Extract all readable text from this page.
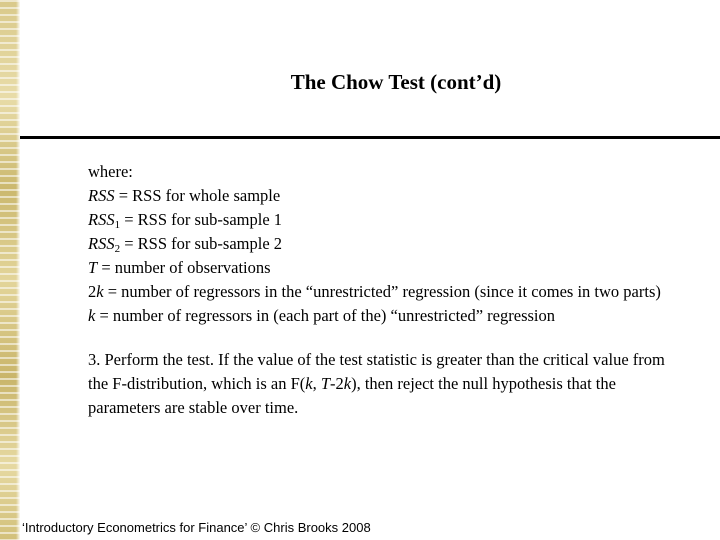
The Chow Test (cont’d)
where:
RSS = RSS for whole sample
$RSS_1$ = RSS for sub-sample 1
$RSS_2$ = RSS for sub-sample 2
T = number of observations
2k = number of regressors in the “unrestricted” regression (since it comes in two parts)
k = number of regressors in (each part of the) “unrestricted” regression
3. Perform the test. If the value of the test statistic is greater than the critical value from the F-distribution, which is an F(k, T-2k), then reject the null hypothesis that the parameters are stable over time.
‘Introductory Econometrics for Finance’ © Chris Brooks 2008
